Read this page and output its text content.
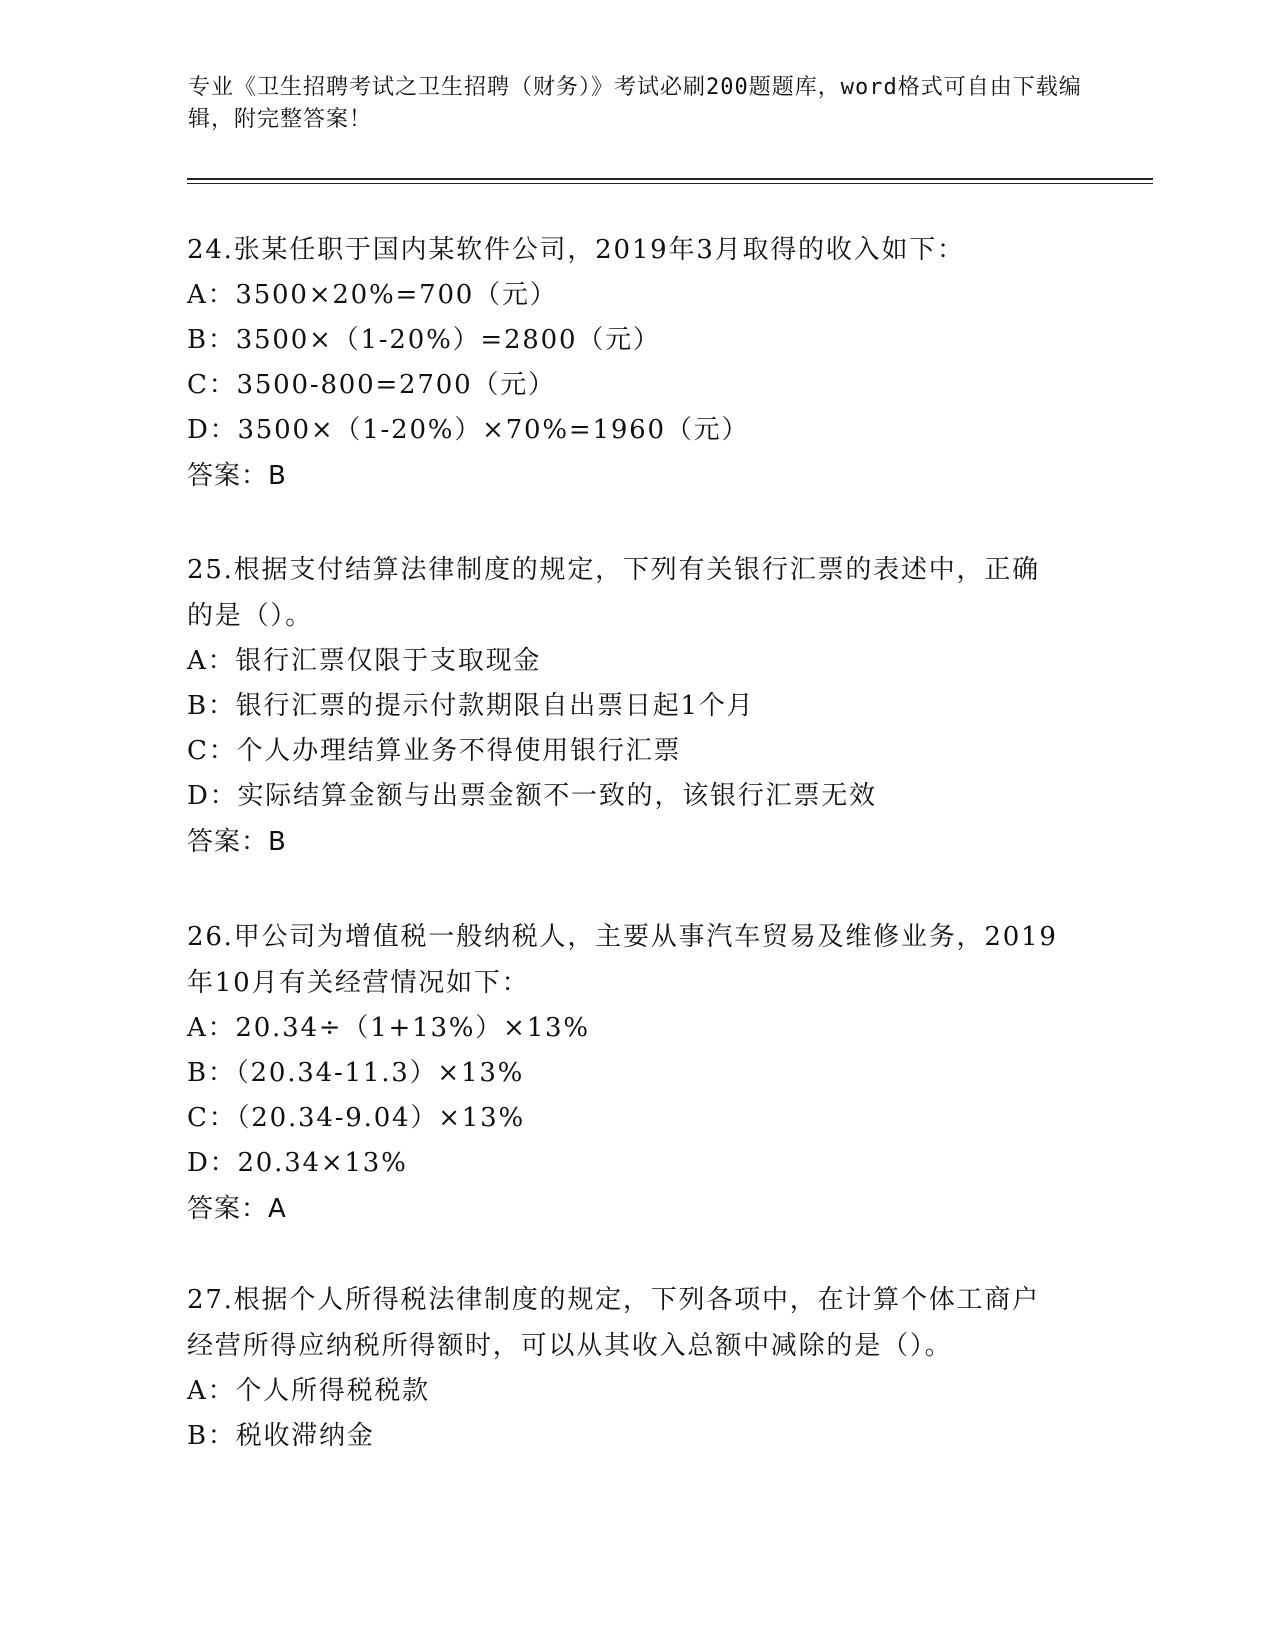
专业《卫生招聘考试之卫生招聘（财务）》考试必刷200题题库，word格式可自由下载编辑，附完整答案！

24.张某任职于国内某软件公司，2019年3月取得的收入如下：

A：3500×20%=700（元）

B：3500×（1-20%）=2800（元）

C：3500-800=2700（元）

D：3500×（1-20%）×70%=1960（元）

答案：B

25.根据支付结算法律制度的规定，下列有关银行汇票的表述中，正确的是（）。

A：银行汇票仅限于支取现金

B：银行汇票的提示付款期限自出票日起1个月

C：个人办理结算业务不得使用银行汇票

D：实际结算金额与出票金额不一致的，该银行汇票无效

答案：B

26.甲公司为增值税一般纳税人，主要从事汽车贸易及维修业务，2019年10月有关经营情况如下：

A：20.34÷（1+13%）×13%

B：（20.34-11.3）×13%

C：（20.34-9.04）×13%

D：20.34×13%

答案：A

27.根据个人所得税法律制度的规定，下列各项中，在计算个体工商户经营所得应纳税所得额时，可以从其收入总额中减除的是（）。

A：个人所得税税款

B：税收滞纳金
